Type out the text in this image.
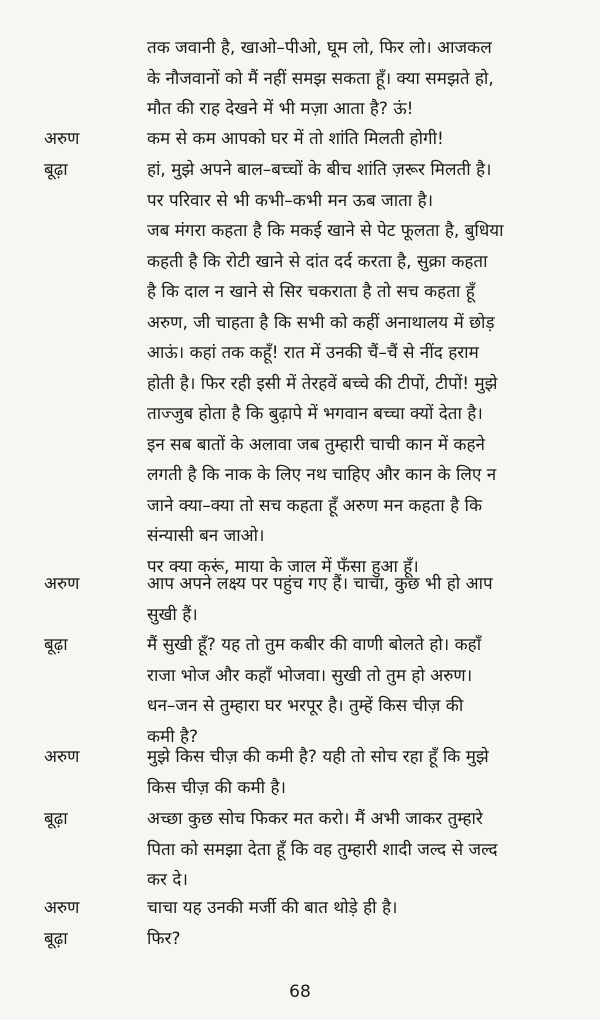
तक जवानी है, खाओ–पीओ, घूम लो, फिर लो। आजकल
के नौजवानों को मैं नहीं समझ सकता हूँ। क्या समझते हो,
मौत की राह देखने में भी मज़ा आता है? ऊं!
अरुण	कम से कम आपको घर में तो शांति मिलती होगी!
बूढ़ा	हां, मुझे अपने बाल–बच्चों के बीच शांति ज़रूर मिलती है।
पर परिवार से भी कभी–कभी मन ऊब जाता है।
जब मंगरा कहता है कि मकई खाने से पेट फूलता है, बुधिया
कहती है कि रोटी खाने से दांत दर्द करता है, सुक्रा कहता
है कि दाल न खाने से सिर चकराता है तो सच कहता हूँ
अरुण, जी चाहता है कि सभी को कहीं अनाथालय में छोड़
आऊं। कहां तक कहूँ! रात में उनकी चैं–चैं से नींद हराम
होती है। फिर रही इसी में तेरहवें बच्चे की टीपों, टीपों! मुझे
ताज्जुब होता है कि बुढ़ापे में भगवान बच्चा क्यों देता है।
इन सब बातों के अलावा जब तुम्हारी चाची कान में कहने
लगती है कि नाक के लिए नथ चाहिए और कान के लिए न
जाने क्या–क्या तो सच कहता हूँ अरुण मन कहता है कि
संन्यासी बन जाओ।
पर क्या करूं, माया के जाल में फँसा हुआ हूँ।
अरुण	आप अपने लक्ष्य पर पहुंच गए हैं। चाचा, कुछ भी हो आप
सुखी हैं।
बूढ़ा	मैं सुखी हूँ? यह तो तुम कबीर की वाणी बोलते हो। कहाँ
राजा भोज और कहाँ भोजवा। सुखी तो तुम हो अरुण।
धन–जन से तुम्हारा घर भरपूर है। तुम्हें किस चीज़ की
कमी है?
अरुण	मुझे किस चीज़ की कमी है? यही तो सोच रहा हूँ कि मुझे
किस चीज़ की कमी है।
बूढ़ा	अच्छा कुछ सोच फिकर मत करो। मैं अभी जाकर तुम्हारे
पिता को समझा देता हूँ कि वह तुम्हारी शादी जल्द से जल्द
कर दे।
अरुण	चाचा यह उनकी मर्जी की बात थोड़े ही है।
बूढ़ा	फिर?
68
